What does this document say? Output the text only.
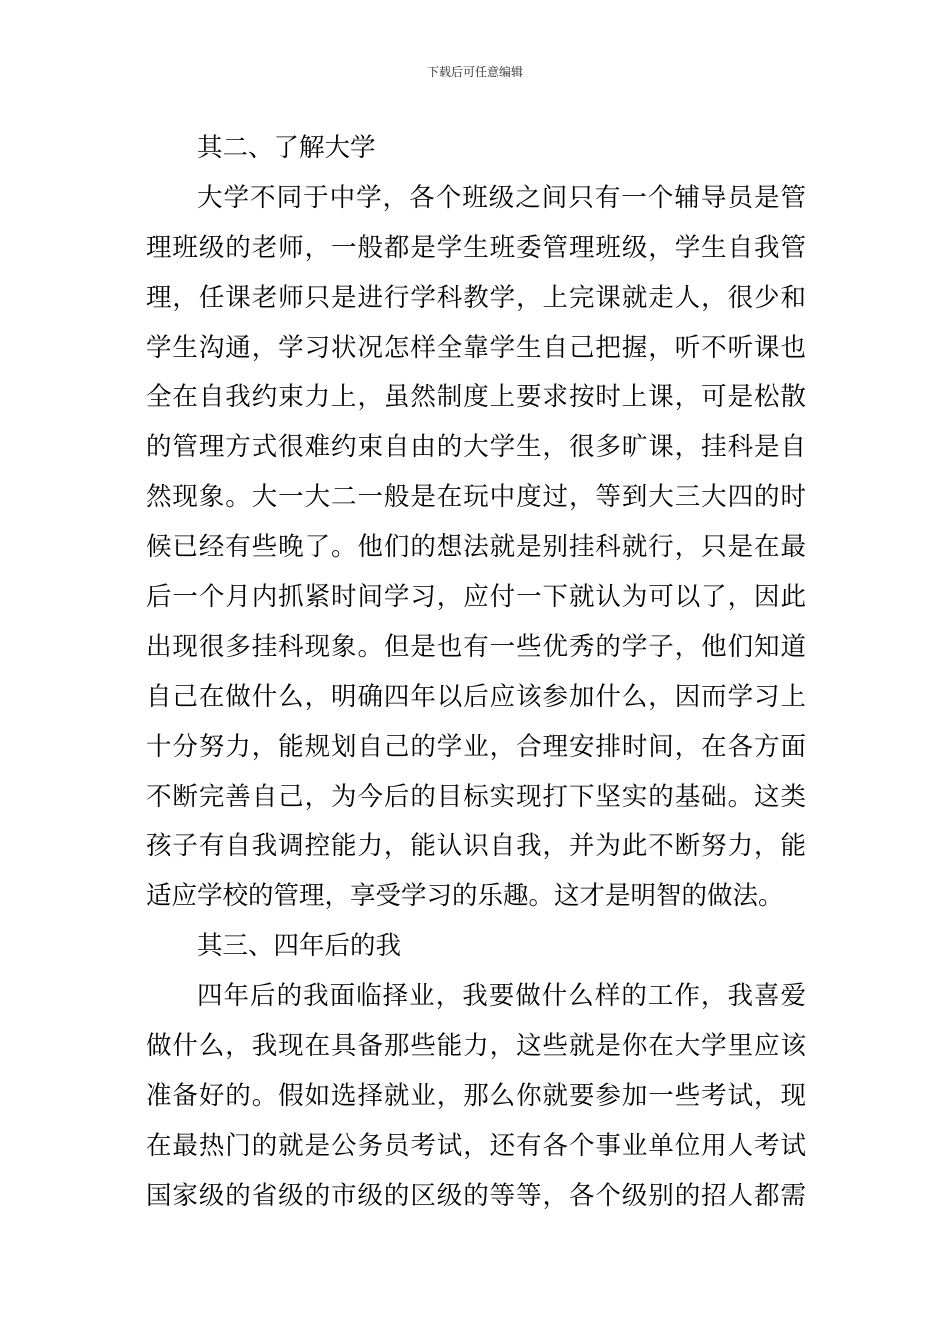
下载后可任意编辑
其二、了解大学
大学不同于中学，各个班级之间只有一个辅导员是管
理班级的老师，一般都是学生班委管理班级，学生自我管
理，任课老师只是进行学科教学，上完课就走人，很少和
学生沟通，学习状况怎样全靠学生自己把握，听不听课也
全在自我约束力上，虽然制度上要求按时上课，可是松散
的管理方式很难约束自由的大学生，很多旷课，挂科是自
然现象。大一大二一般是在玩中度过，等到大三大四的时
候已经有些晚了。他们的想法就是别挂科就行，只是在最
后一个月内抓紧时间学习，应付一下就认为可以了，因此
出现很多挂科现象。但是也有一些优秀的学子，他们知道
自己在做什么，明确四年以后应该参加什么，因而学习上
十分努力，能规划自己的学业，合理安排时间，在各方面
不断完善自己，为今后的目标实现打下坚实的基础。这类
孩子有自我调控能力，能认识自我，并为此不断努力，能
适应学校的管理，享受学习的乐趣。这才是明智的做法。
其三、四年后的我
四年后的我面临择业，我要做什么样的工作，我喜爱
做什么，我现在具备那些能力，这些就是你在大学里应该
准备好的。假如选择就业，那么你就要参加一些考试，现
在最热门的就是公务员考试，还有各个事业单位用人考试
国家级的省级的市级的区级的等等，各个级别的招人都需
